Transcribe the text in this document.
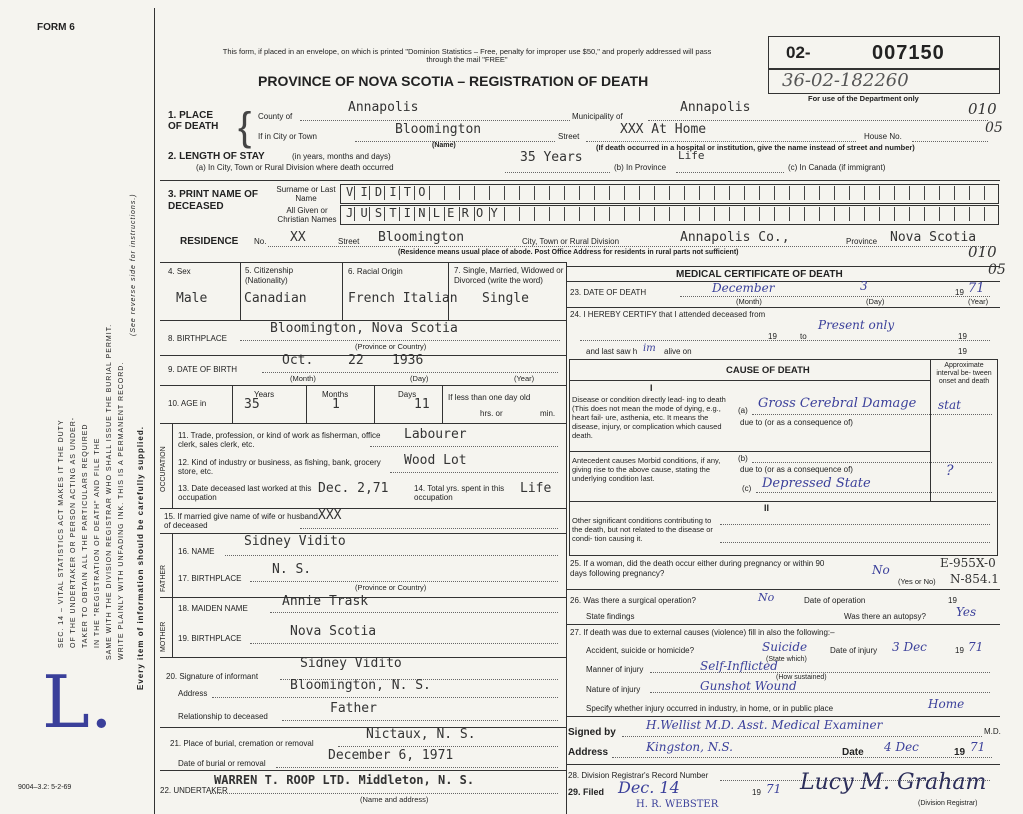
FORM 6
SEC. 14 – VITAL STATISTICS ACT MAKES IT THE DUTY OF THE UNDERTAKER OR PERSON ACTING AS UNDER- TAKER TO OBTAIN ALL THE PARTICULARS REQUIRED IN THE "REGISTRATION OF DEATH" AND FILE THE SAME WITH THE DIVISION REGISTRAR WHO SHALL ISSUE THE BURIAL PERMIT. WRITE PLAINLY WITH UNFADING INK. THIS IS A PERMANENT RECORD.
(See reverse side for instructions.)
Every item of information should be carefully supplied.
L.
9004–3.2: 5-2-69
This form, if placed in an envelope, on which is printed "Dominion Statistics – Free, penalty for improper use $50," and properly addressed will pass through the mail "FREE"
PROVINCE OF NOVA SCOTIA – REGISTRATION OF DEATH
02-	007150
36-02-182260
For use of the Department only
010
05
1. PLACE OF DEATH { County of
Annapolis
Municipality of
Annapolis
If in City or Town	Bloomington	Street	XXX At Home	House No.
(Name)	(If death occurred in a hospital or institution, give the name instead of street and number)
2. LENGTH OF STAY	(in years, months and days)	35 Years	Life
(a) In City, Town or Rural Division where death occurred	(b) In Province	(c) In Canada (if immigrant)
3. PRINT NAME OF DECEASED
Surname or Last Name
All Given or Christian Names
V I D I T O
J U S T I N L E R O Y
RESIDENCE No. XX	Street Bloomington	City, Town or Rural Division	Annapolis Co.,	Province Nova Scotia
(Residence means usual place of abode. Post Office Address for residents in rural parts not sufficient)	010
05
4. Sex
Male
5. Citizenship (Nationality)
Canadian
6. Racial Origin
French Italian
7. Single, Married, Widowed or Divorced (write the word)
Single
8. BIRTHPLACE
Bloomington, Nova Scotia
(Province or Country)
9. DATE OF BIRTH
Oct.	22 1936
(Month)	(Day)	(Year)
10. AGE in
Years	Months	Days
35	1	11 If less than one day old
hrs. or	min.
OCCUPATION
11. Trade, profession, or kind of work as fisherman, office clerk, sales clerk, etc.
Labourer
12. Kind of industry or business, as fishing, bank, grocery store, etc.
Wood Lot
13. Date deceased last worked at this occupation
Dec. 2,71	14. Total yrs. spent in this occupation
Life
15. If married give name of wife or husband of deceased
XXX
FATHER
16. NAME
Sidney Vidito
17. BIRTHPLACE
N. S.
(Province or Country)
MOTHER
18. MAIDEN NAME	Annie Trask
19. BIRTHPLACE	Nova Scotia
20. Signature of informant
Sidney Vidito
Address
Bloomington, N. S.
Relationship to deceased
Father
21. Place of burial, cremation or removal
Nictaux, N. S.
Date of burial or removal
December 6, 1971
22. UNDERTAKER
WARREN T. ROOP LTD. Middleton, N. S.
(Name and address)
MEDICAL CERTIFICATE OF DEATH
23. DATE OF DEATH	December	3	19 71
(Month)	(Day)	(Year)
24. I HEREBY CERTIFY that I attended deceased from
19	to
Present only
19
and last saw h im alive on	19
CAUSE OF DEATH	Approximate interval be- tween onset and death
I
Disease or condition directly lead- ing to death (This does not mean the mode of dying, e.g., heart fail- ure, asthenia, etc. It means the disease, injury, or complication which caused death.
(a) Gross Cerebral Damage stat
due to (or as a consequence of)
Antecedent causes Morbid conditions, if any, giving rise to the above cause, stating the underlying condition last.
(b)
due to (or as a consequence of)
(c) Depressed State
?
II
Other significant conditions contributing to the death, but not related to the disease or condi- tion causing it.
25. If a woman, did the death occur either during pregnancy or within 90 days following pregnancy?	No
(Yes or No)
E-955X-0
N-854.1
26. Was there a surgical operation?	No	Date of operation	19
State findings	Was there an autopsy?	Yes
27. If death was due to external causes (violence) fill in also the following:–
Accident, suicide or homicide?	Suicide
(State which)
Date of injury 3 Dec	19 71
Manner of injury	Self-Inflicted
(How sustained)
Nature of injury	Gunshot Wound
Specify whether injury occurred in industry, in home, or in public place	Home
Signed by
H.Wellist M.D. Asst. Medical Examiner	M.D.
Address	Kingston, N.S.	Date 4 Dec	19 71
28. Division Registrar's Record Number
29. Filed Dec. 14	19 71 Lucy M. Graham
(Division Registrar)
H. R. WEBSTER
